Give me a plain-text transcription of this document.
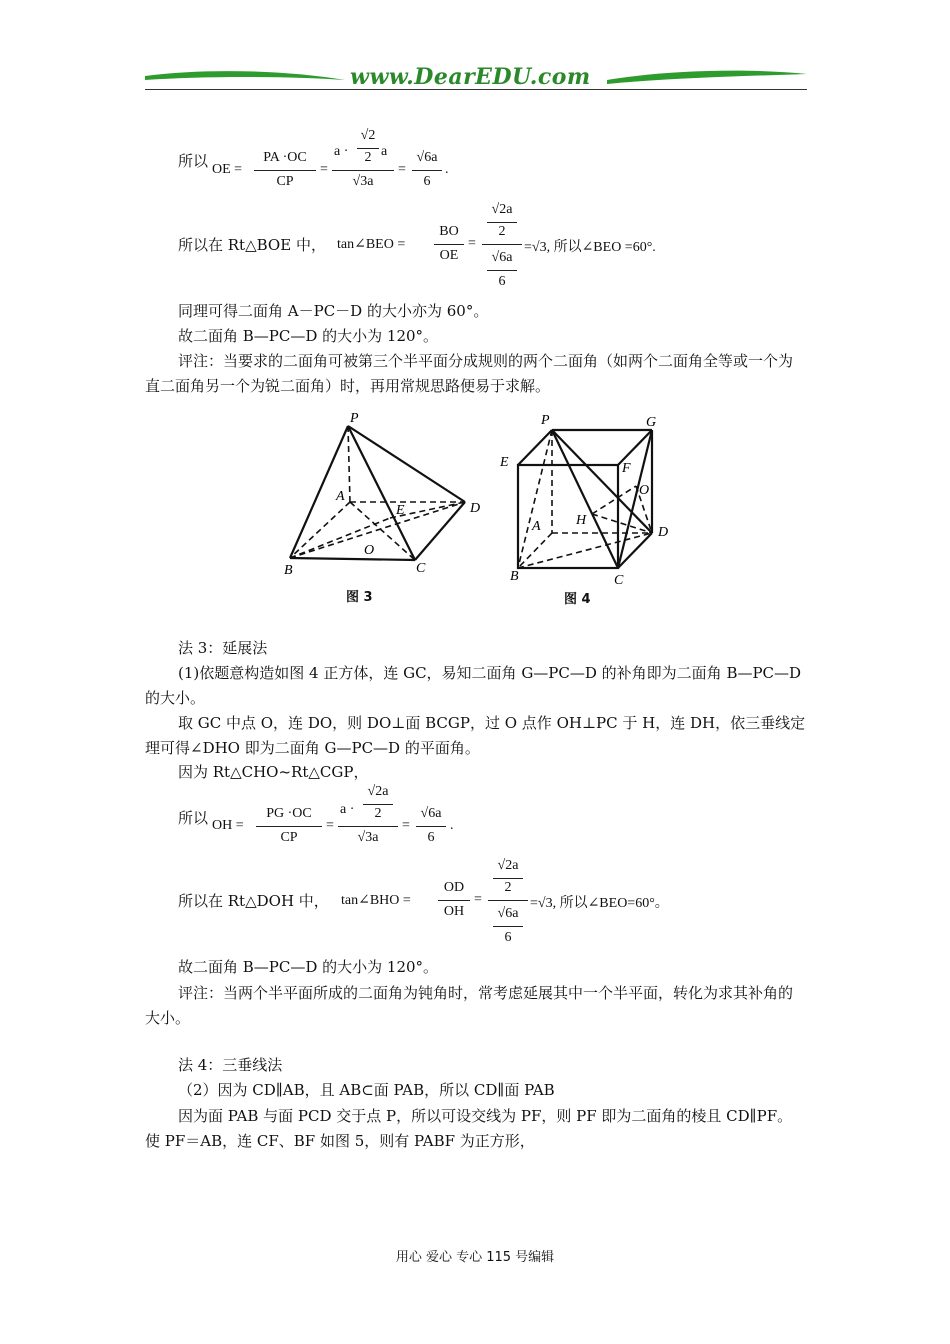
www.DearEDU.com
所以 OE =
PA ·OC
CP
=
a ·
√2
2 a
√3a
=
√6a
6
.
所以在 Rt△BOE 中， tan∠BEO =
BO
OE
=
√2a
2
√6a
6
=√3, 所以∠BEO =60°.
同理可得二面角 A－PC－D 的大小亦为 60°。
故二面角 B—PC—D 的大小为 120°。
评注：当要求的二面角可被第三个半平面分成规则的两个二面角（如两个二面角全等或一个为直二面角另一个为锐二面角）时，再用常规思路便易于求解。
P
A
E	D
O
B	C
图 3
P	G
E	F
O
H
A	D
B	C
图 4
法 3：延展法
(1)依题意构造如图 4 正方体，连 GC，易知二面角 G—PC—D 的补角即为二面角 B—PC—D 的大小。
取 GC 中点 O，连 DO，则 DO⊥面 BCGP，过 O 点作 OH⊥PC 于 H，连 DH，依三垂线定理可得∠DHO 即为二面角 G—PC—D 的平面角。
因为 Rt△CHO~Rt△CGP，
所以 OH =
PG ·OC
CP
=
a ·
√2a
2
√3a
=
√6a
6
.
所以在 Rt△DOH 中， tan∠BHO =
OD
OH
=
√2a
2
√6a
6
=√3, 所以∠BEO=60°。
故二面角 B—PC—D 的大小为 120°。
评注：当两个半平面所成的二面角为钝角时，常考虑延展其中一个半平面，转化为求其补角的大小。
法 4：三垂线法
（2）因为 CD∥AB，且 AB⊂面 PAB，所以 CD∥面 PAB
因为面 PAB 与面 PCD 交于点 P，所以可设交线为 PF，则 PF 即为二面角的棱且 CD∥PF。使 PF＝AB，连 CF、BF 如图 5，则有 PABF 为正方形，
用心 爱心 专心 115 号编辑
